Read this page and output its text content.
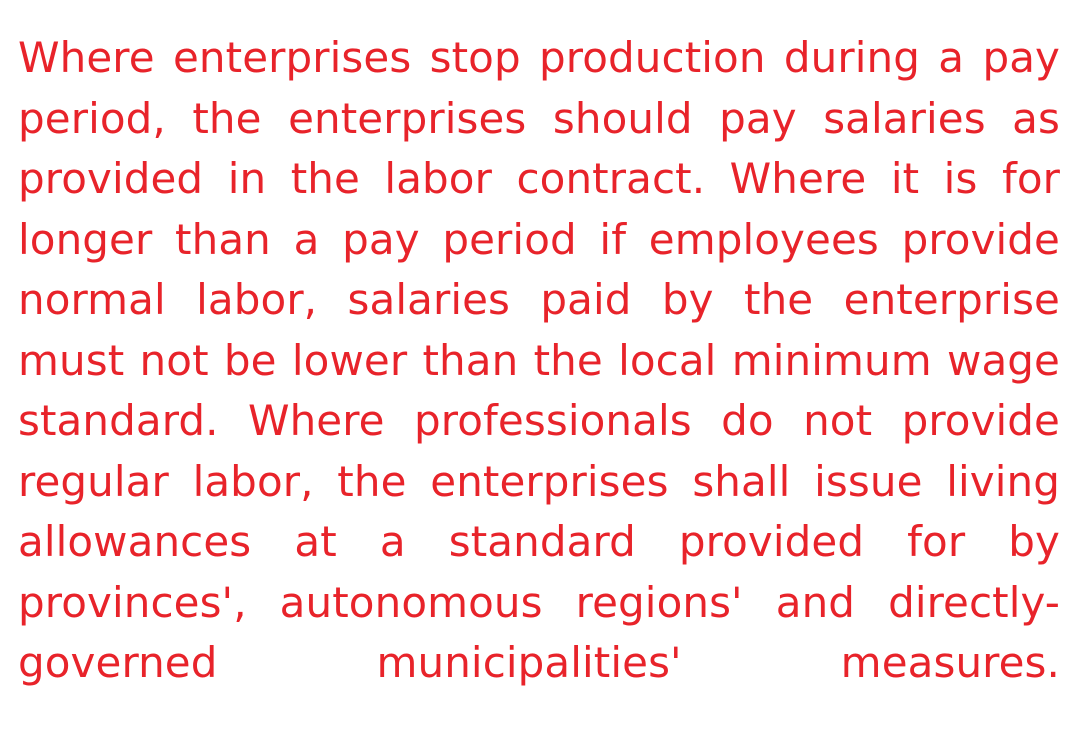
Where enterprises stop production during a pay period, the enterprises should pay salaries as provided in the labor contract. Where it is for longer than a pay period if employees provide normal labor, salaries paid by the enterprise must not be lower than the local minimum wage standard. Where professionals do not provide regular labor, the enterprises shall issue living allowances at a standard provided for by provinces', autonomous regions' and directly-governed municipalities' measures.
